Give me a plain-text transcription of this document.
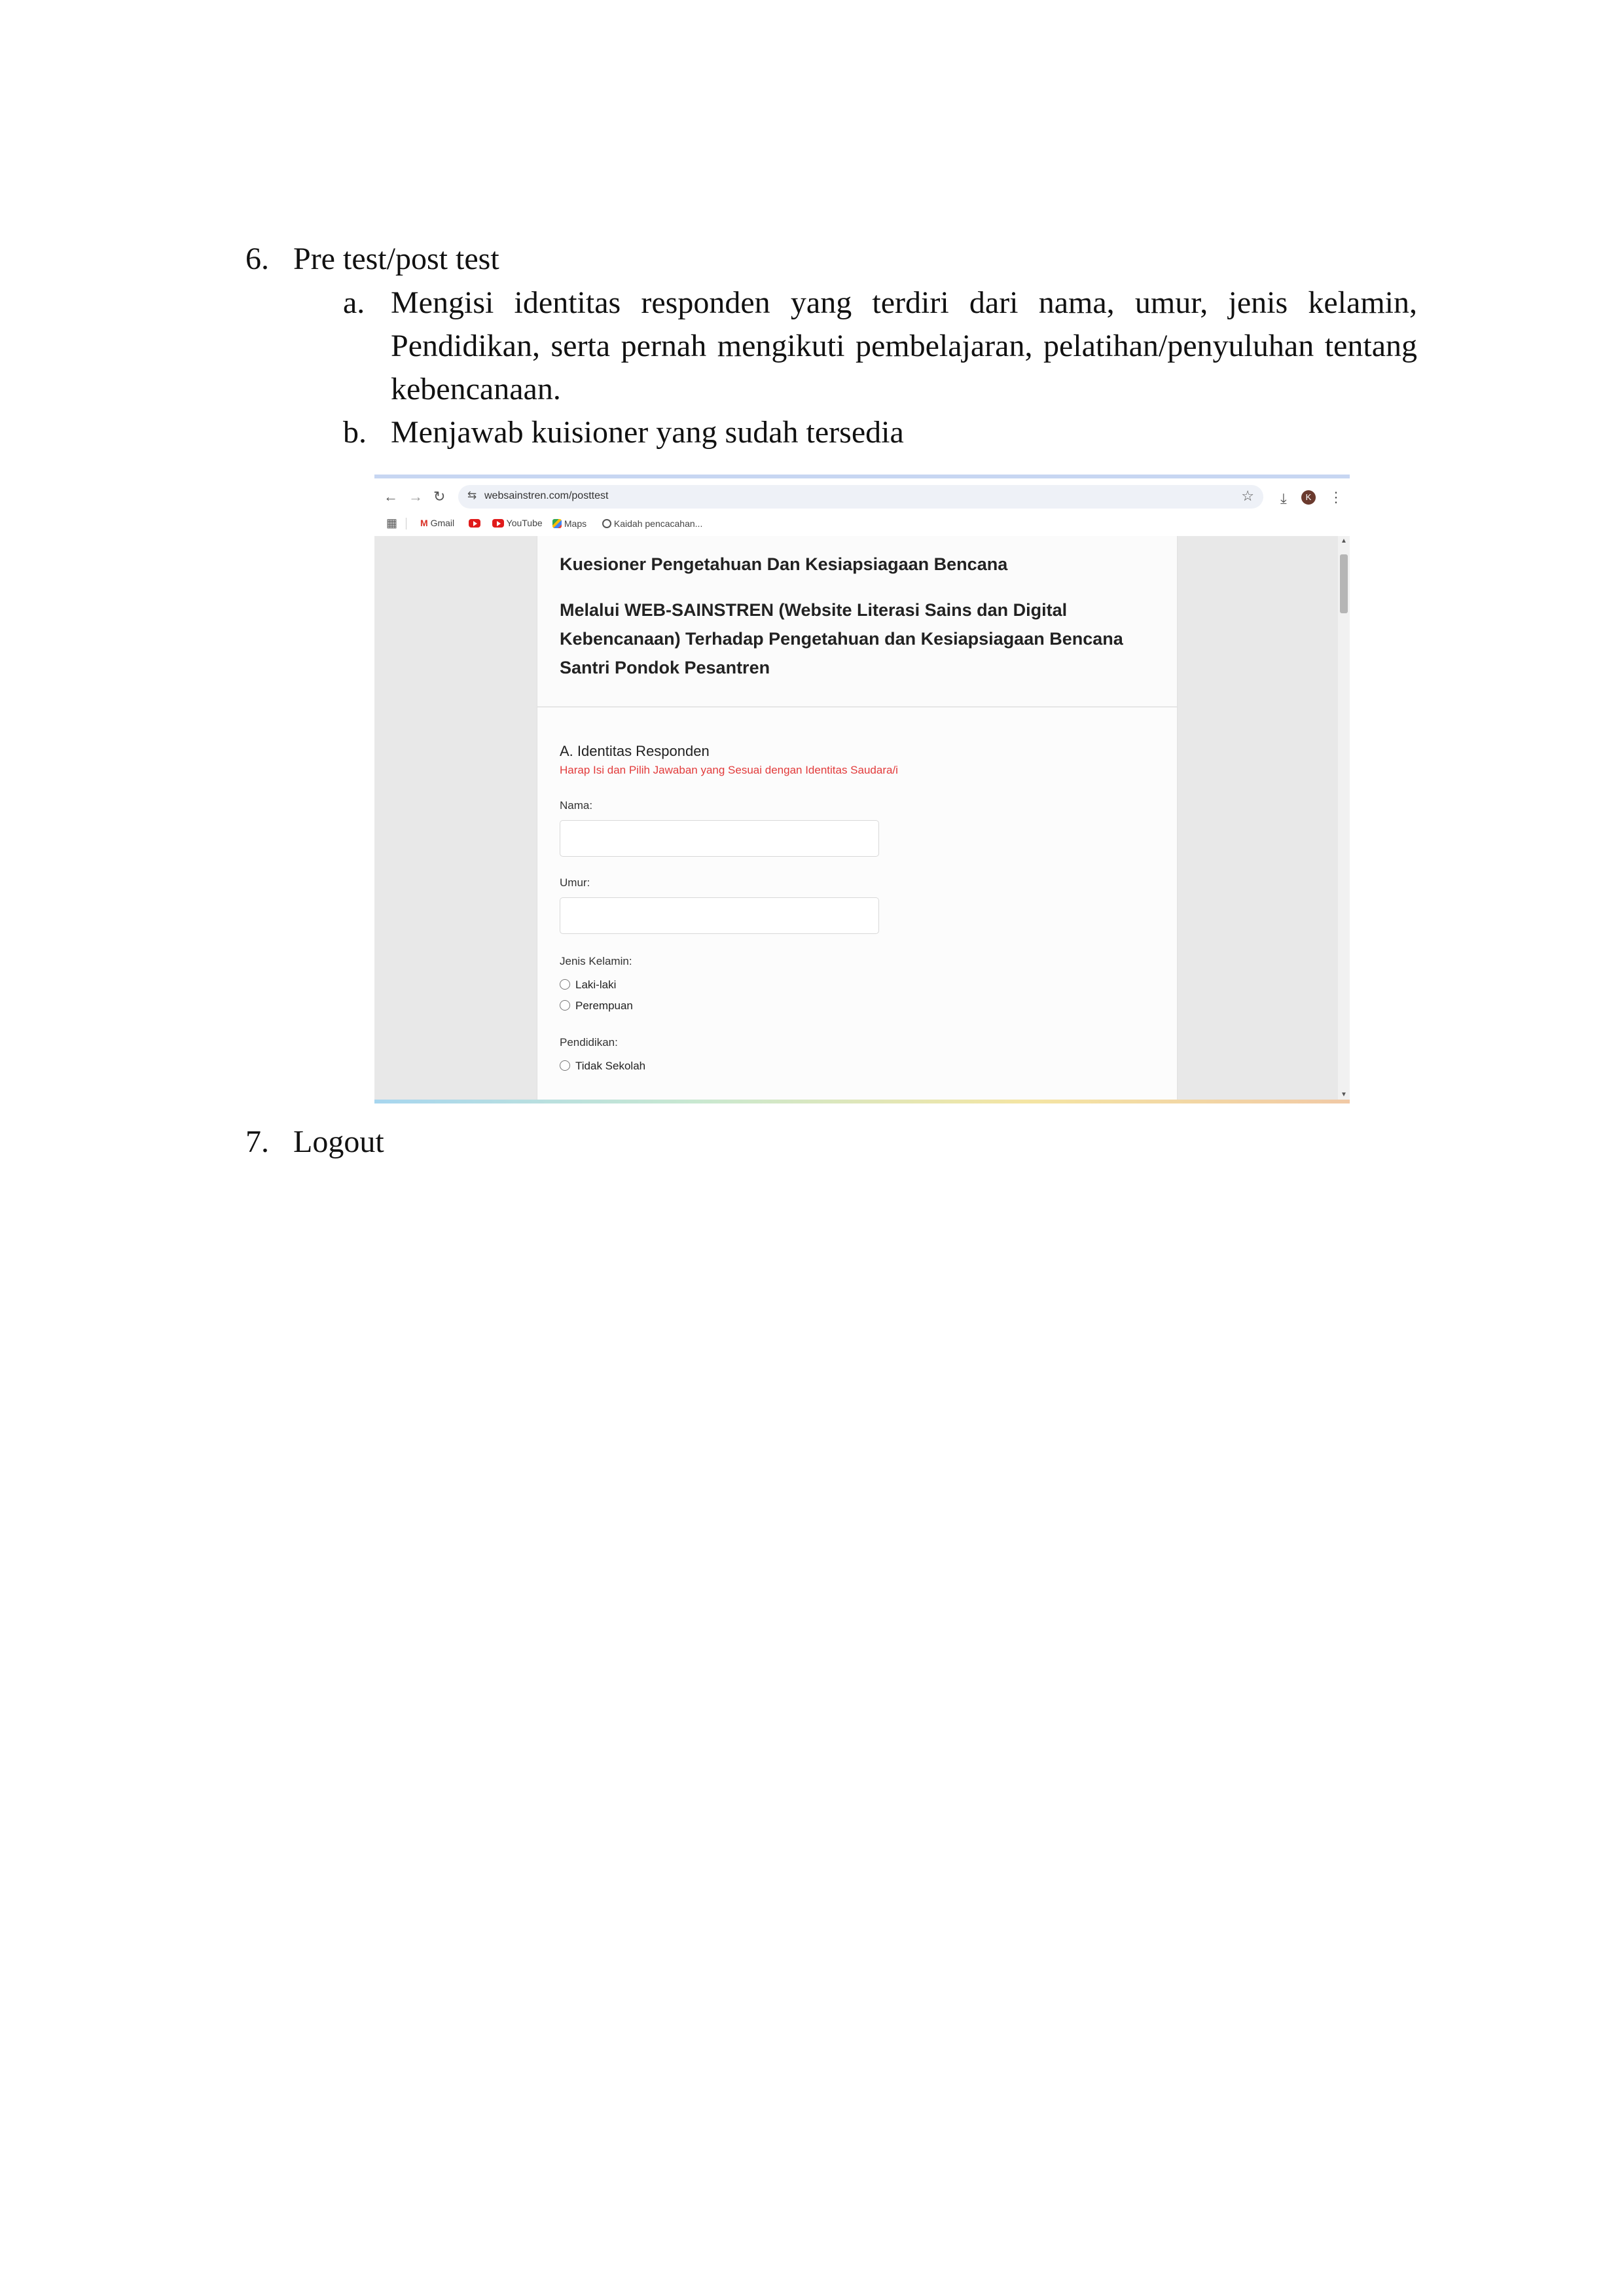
6. Pre test/post test
a. Mengisi identitas responden yang terdiri dari nama, umur, jenis kelamin, Pendidikan, serta pernah mengikuti pembelajaran, pelatihan/penyuluhan tentang kebencanaan.
b. Menjawab kuisioner yang sudah tersedia
← → ↻ ⇆ websainstren.com/posttest	☆ ⤓	K	⋮
▦ M Gmail	YouTube	Maps	Kaidah pencacahan...
Kuesioner Pengetahuan Dan Kesiapsiagaan Bencana
Melalui WEB-SAINSTREN (Website Literasi Sains dan Digital Kebencanaan) Terhadap Pengetahuan dan Kesiapsiagaan Bencana Santri Pondok Pesantren
A. Identitas Responden
Harap Isi dan Pilih Jawaban yang Sesuai dengan Identitas Saudara/i
Nama:
Umur:
Jenis Kelamin:
Laki-laki
Perempuan
Pendidikan:
Tidak Sekolah
▲
▼
7. Logout
